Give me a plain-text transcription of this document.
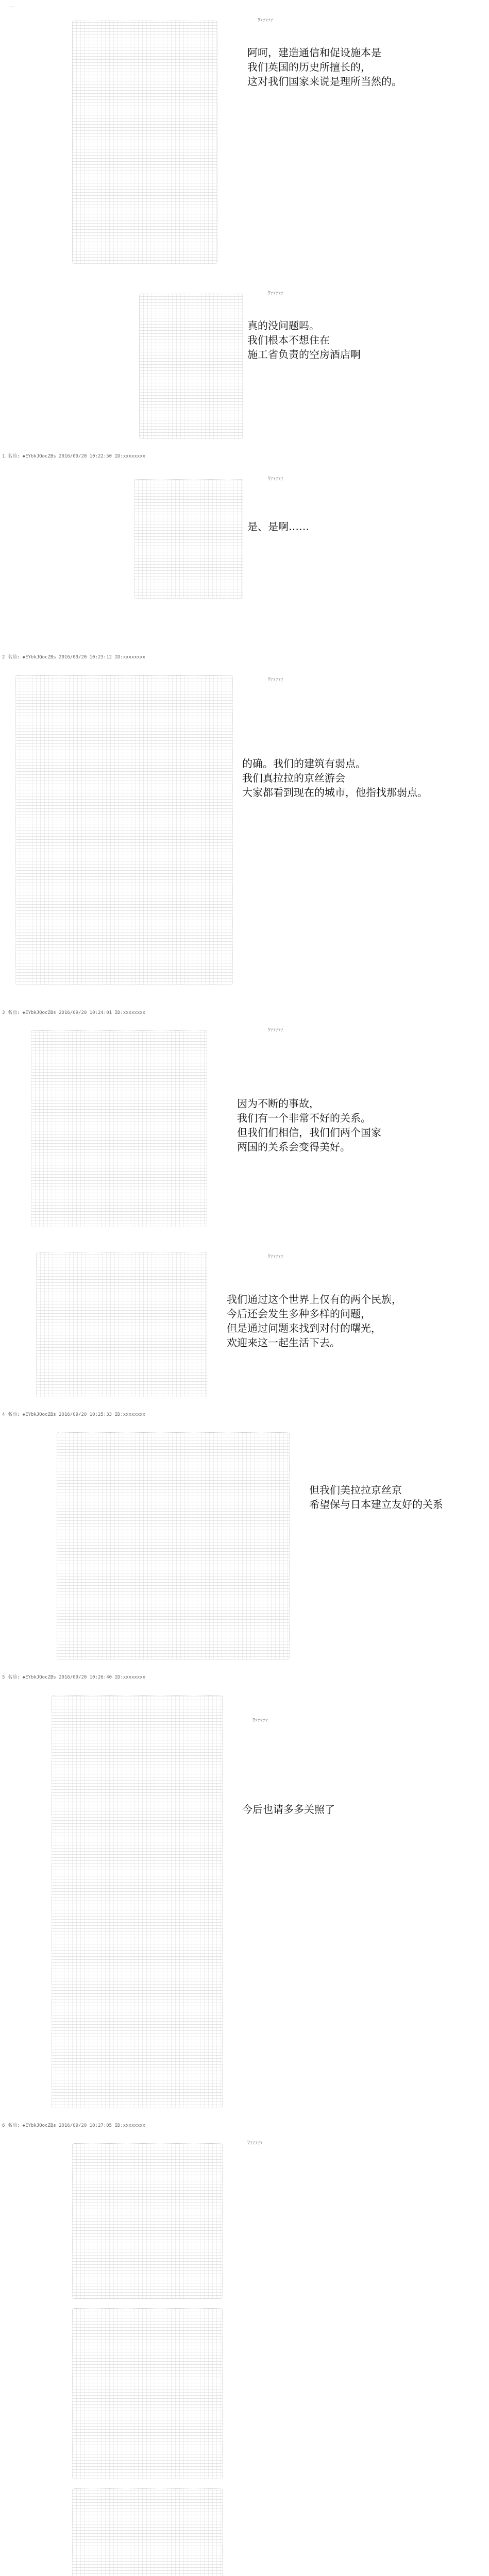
…
ﾜｧｧｧｧｧ

阿呵，建造通信和促设施本是
我们英国的历史所擅长的，
这对我们国家来说是理所当然的。

ﾜｧｧｧｧｧ

真的没问题吗。
我们根本不想住在
施工省负责的空房酒店啊

1 名前: ◆EYbkJQocZBs 2016/09/20 10:22:50 ID:xxxxxxxx
ﾜｧｧｧｧｧ

是、是啊……

2 名前: ◆EYbkJQocZBs 2016/09/20 10:23:12 ID:xxxxxxxx
ﾜｧｧｧｧｧ

的确。我们的建筑有弱点。
我们真拉拉的京丝游会
大家都看到现在的城市，他指找那弱点。

3 名前: ◆EYbkJQocZBs 2016/09/20 10:24:01 ID:xxxxxxxx
ﾜｧｧｧｧｧ

因为不断的事故，
我们有一个非常不好的关系。
但我们们相信，我们们两个国家
两国的关系会变得美好。

ﾜｧｧｧｧｧ

我们通过这个世界上仅有的两个民族，
今后还会发生多种多样的问题，
但是通过问题来找到对付的曙光，
欢迎来这一起生活下去。

4 名前: ◆EYbkJQocZBs 2016/09/20 10:25:33 ID:xxxxxxxx

但我们美拉拉京丝京
希望保与日本建立友好的关系

5 名前: ◆EYbkJQocZBs 2016/09/20 10:26:40 ID:xxxxxxxx
ﾜｧｧｧｧｧ

今后也请多多关照了

6 名前: ◆EYbkJQocZBs 2016/09/20 10:27:05 ID:xxxxxxxx
ﾜｧｧｧｧｧ
